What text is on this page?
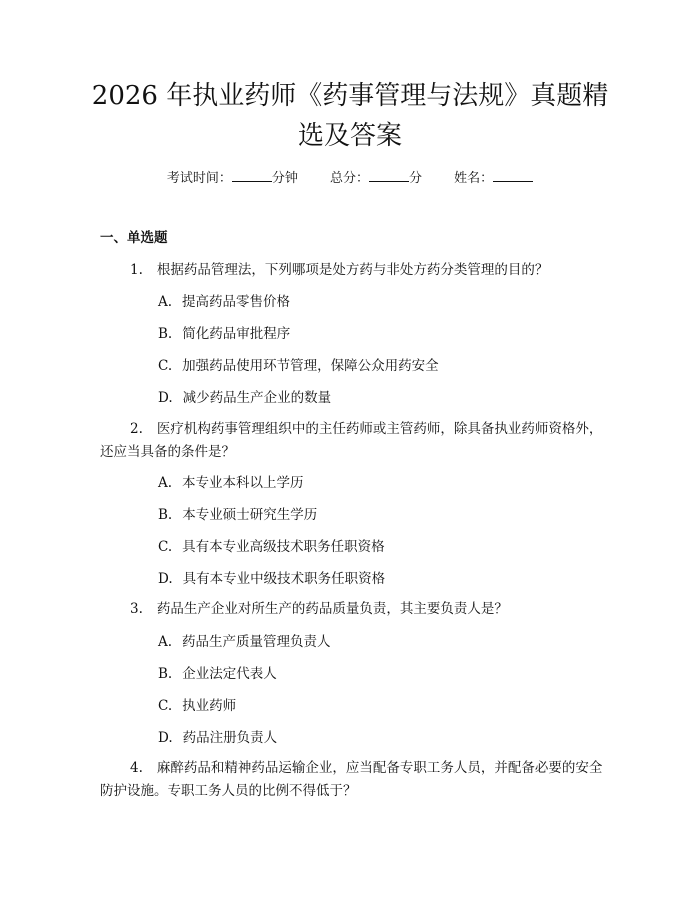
2026 年执业药师《药事管理与法规》真题精
选及答案
考试时间：	分钟 总分：	分 姓名：
一、单选题
1. 根据药品管理法，下列哪项是处方药与非处方药分类管理的目的？
A. 提高药品零售价格
B. 简化药品审批程序
C. 加强药品使用环节管理，保障公众用药安全
D. 减少药品生产企业的数量
2. 医疗机构药事管理组织中的主任药师或主管药师，除具备执业药师资格外，还应当具备的条件是？
A. 本专业本科以上学历
B. 本专业硕士研究生学历
C. 具有本专业高级技术职务任职资格
D. 具有本专业中级技术职务任职资格
3. 药品生产企业对所生产的药品质量负责，其主要负责人是？
A. 药品生产质量管理负责人
B. 企业法定代表人
C. 执业药师
D. 药品注册负责人
4. 麻醉药品和精神药品运输企业，应当配备专职工务人员，并配备必要的安全防护设施。专职工务人员的比例不得低于？
